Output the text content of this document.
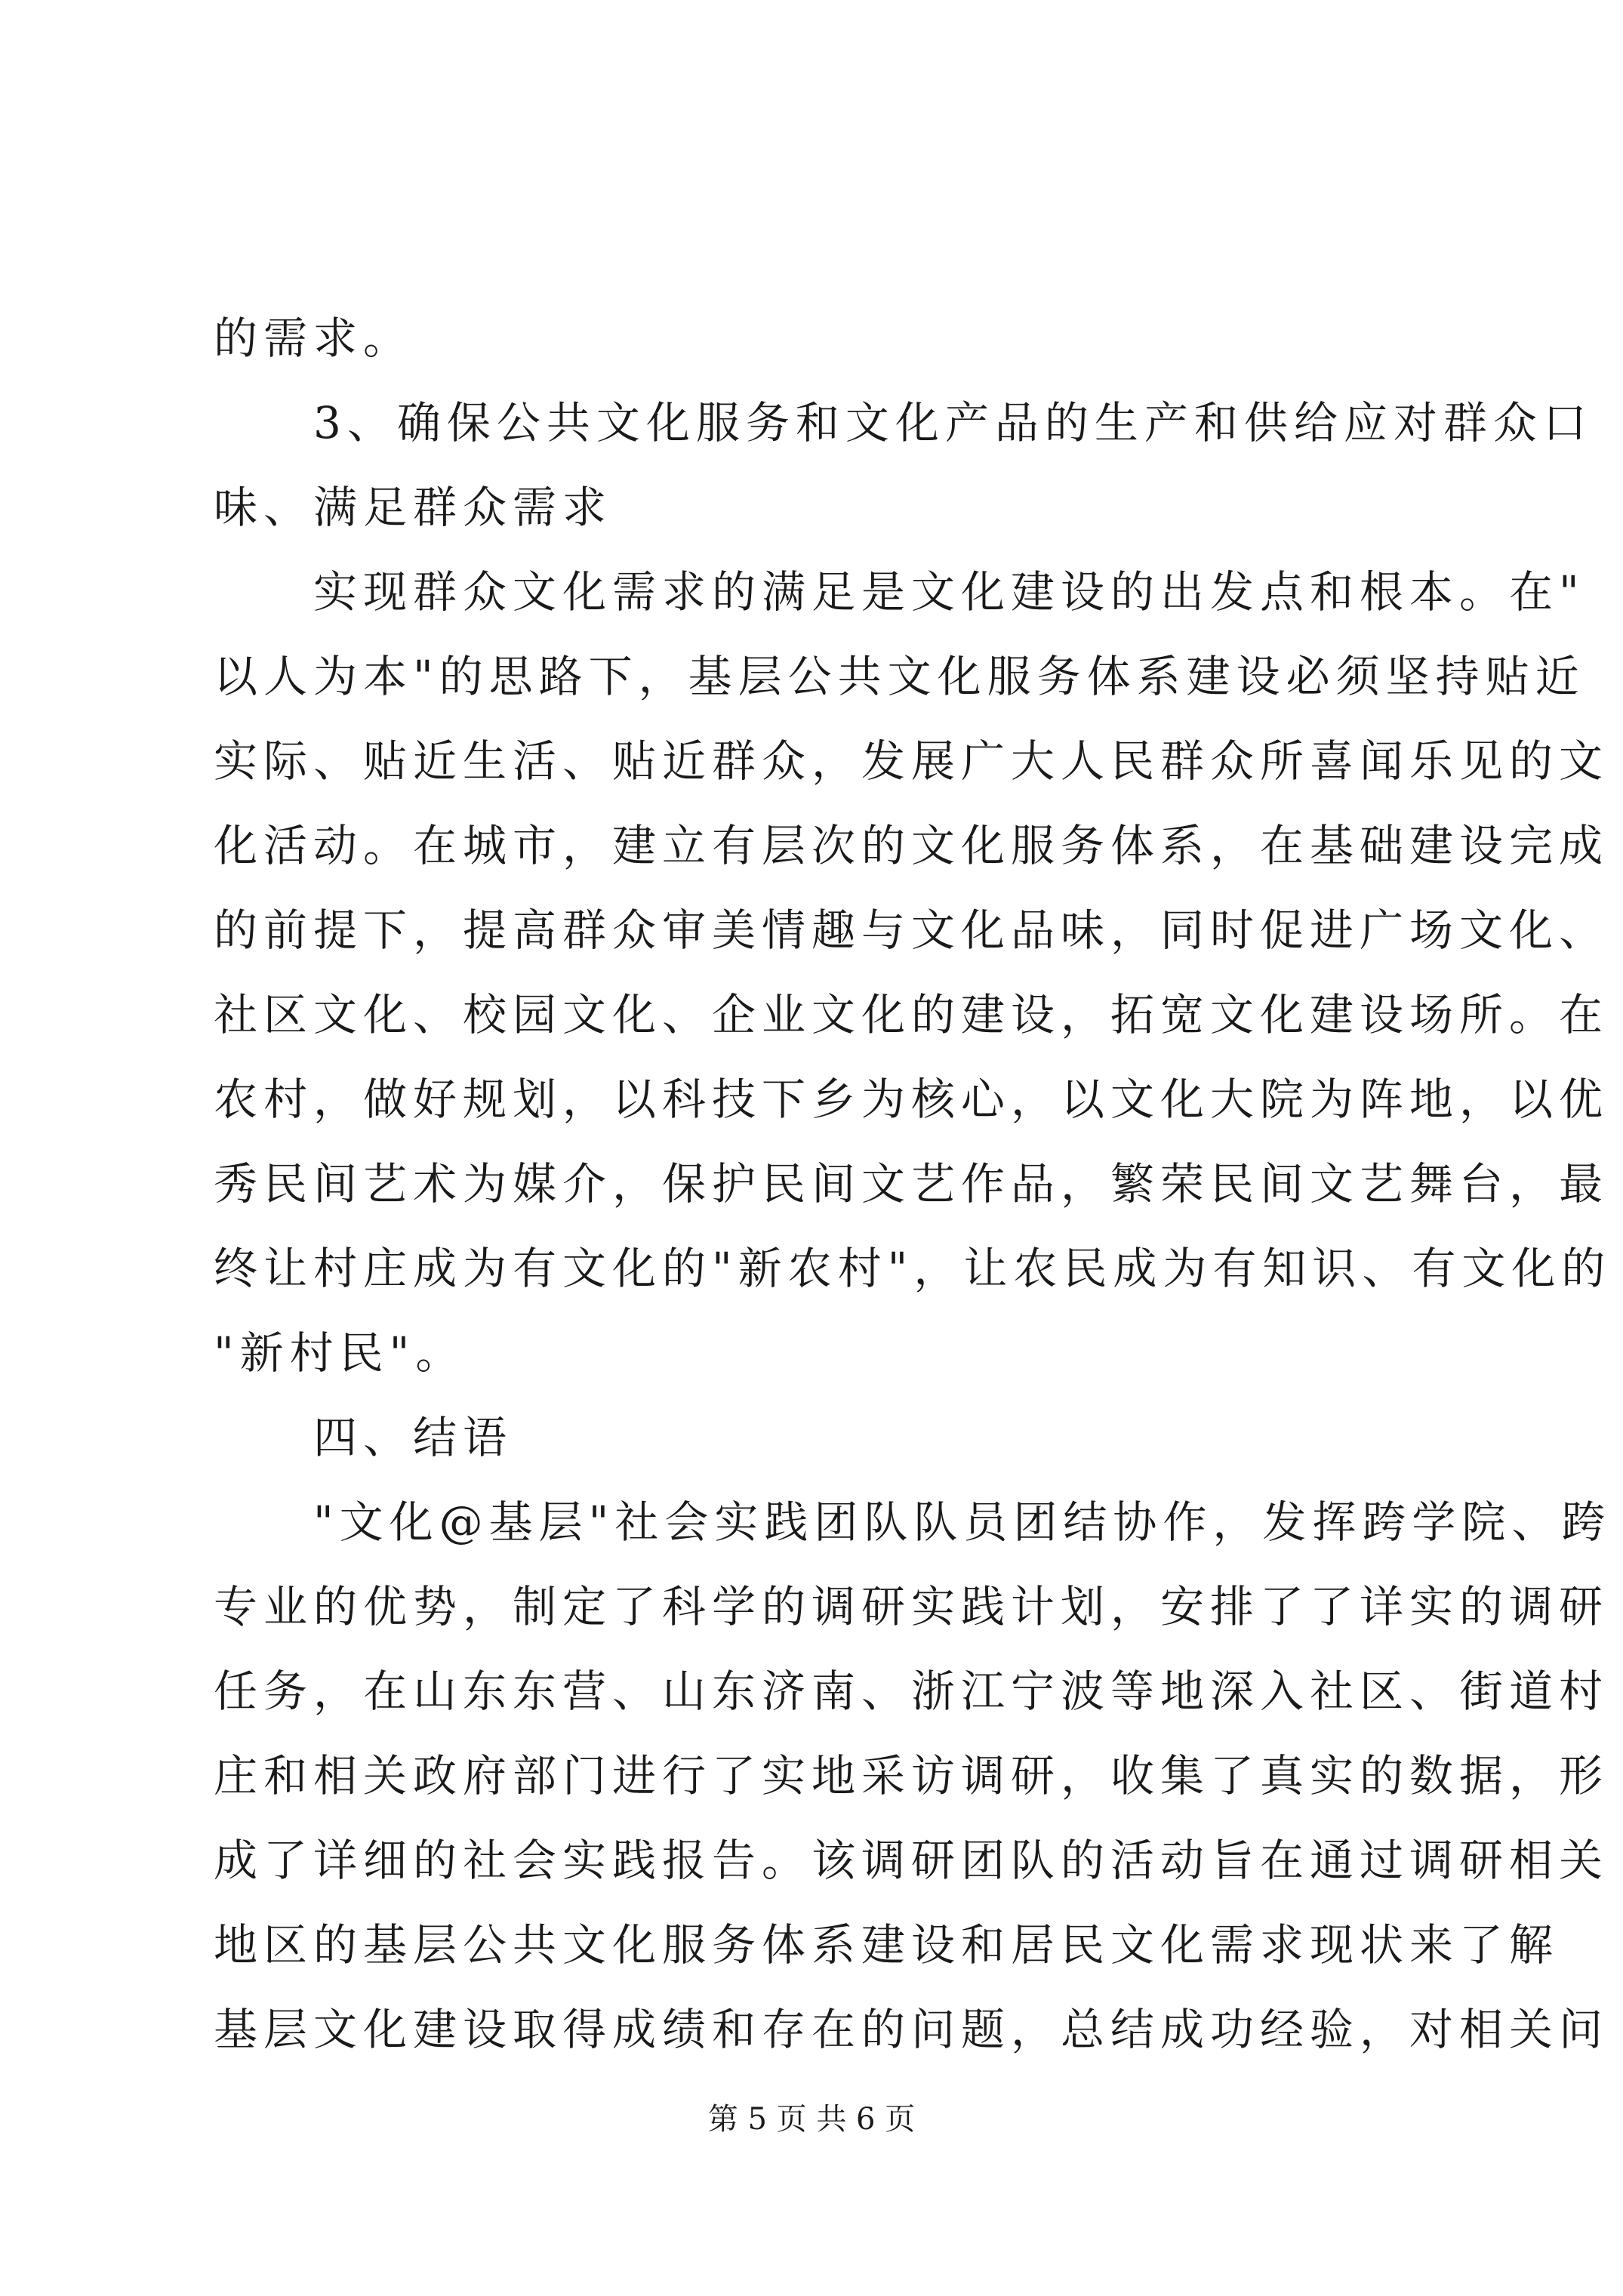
的需求。
　　3、确保公共文化服务和文化产品的生产和供给应对群众口
味、满足群众需求
　　实现群众文化需求的满足是文化建设的出发点和根本。在"
以人为本"的思路下，基层公共文化服务体系建设必须坚持贴近
实际、贴近生活、贴近群众，发展广大人民群众所喜闻乐见的文
化活动。在城市，建立有层次的文化服务体系，在基础建设完成
的前提下，提高群众审美情趣与文化品味，同时促进广场文化、
社区文化、校园文化、企业文化的建设，拓宽文化建设场所。在
农村，做好规划，以科技下乡为核心，以文化大院为阵地，以优
秀民间艺术为媒介，保护民间文艺作品，繁荣民间文艺舞台，最
终让村庄成为有文化的"新农村"，让农民成为有知识、有文化的
"新村民"。
　　四、结语
　　"文化@基层"社会实践团队队员团结协作，发挥跨学院、跨
专业的优势，制定了科学的调研实践计划，安排了了详实的调研
任务，在山东东营、山东济南、浙江宁波等地深入社区、街道村
庄和相关政府部门进行了实地采访调研，收集了真实的数据，形
成了详细的社会实践报告。该调研团队的活动旨在通过调研相关
地区的基层公共文化服务体系建设和居民文化需求现状来了解
基层文化建设取得成绩和存在的问题，总结成功经验，对相关问
第 5 页 共 6 页
